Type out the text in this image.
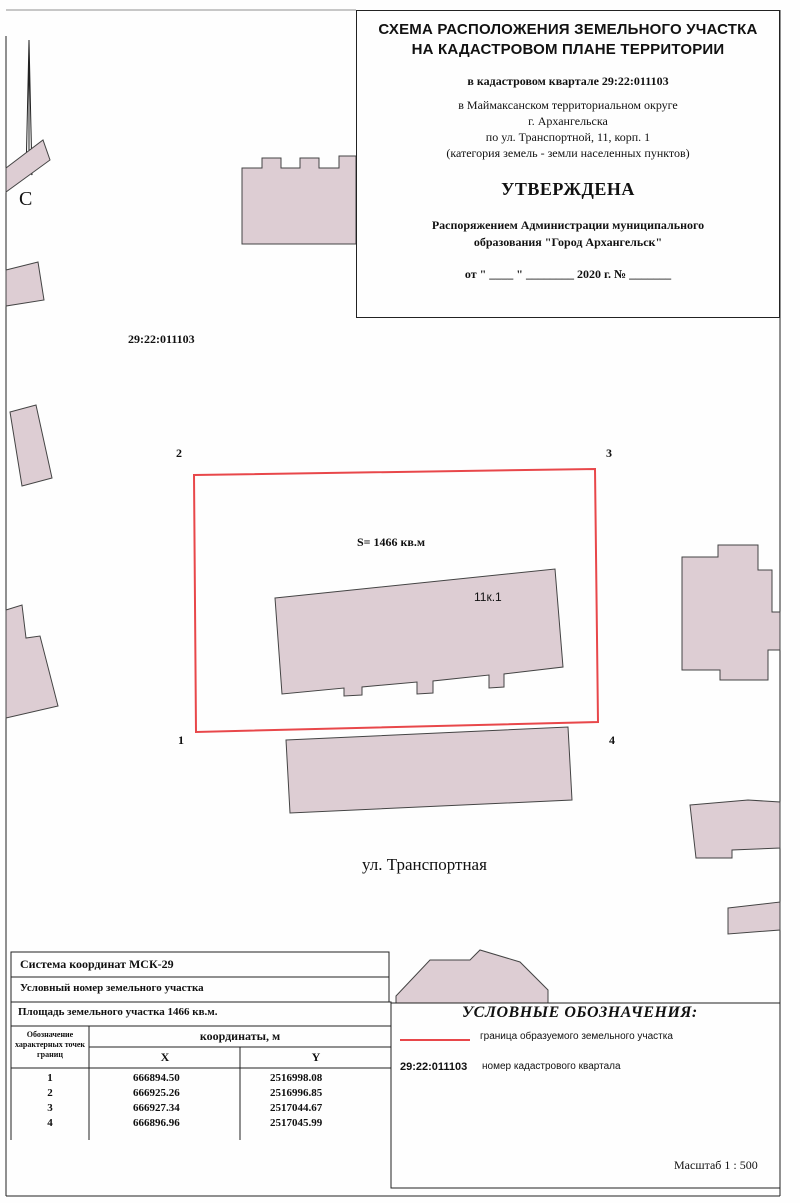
СХЕМА РАСПОЛОЖЕНИЯ ЗЕМЕЛЬНОГО УЧАСТКА
НА КАДАСТРОВОМ ПЛАНЕ ТЕРРИТОРИИ
в кадастровом квартале 29:22:011103
в Маймаксанском территориальном округе
г. Архангельска
по ул. Транспортной, 11, корп. 1
(категория земель - земли населенных пунктов)
УТВЕРЖДЕНА
Распоряжением Администрации муниципального
образования "Город Архангельск"
от " ____ " ________ 2020 г. № _______
С
29:22:011103
2	3
1	4
S= 1466 кв.м
11к.1
ул. Транспортная
Система координат МСК-29
Условный номер земельного участка
Площадь земельного участка 1466 кв.м.
Обозначение характерных точек границ
координаты, м
X	Y
1	666894.50	2516998.08
2	666925.26	2516996.85
3	666927.34	2517044.67
4	666896.96	2517045.99
УСЛОВНЫЕ ОБОЗНАЧЕНИЯ:
граница образуемого земельного участка
29:22:011103 номер кадастрового квартала
Масштаб 1 : 500
